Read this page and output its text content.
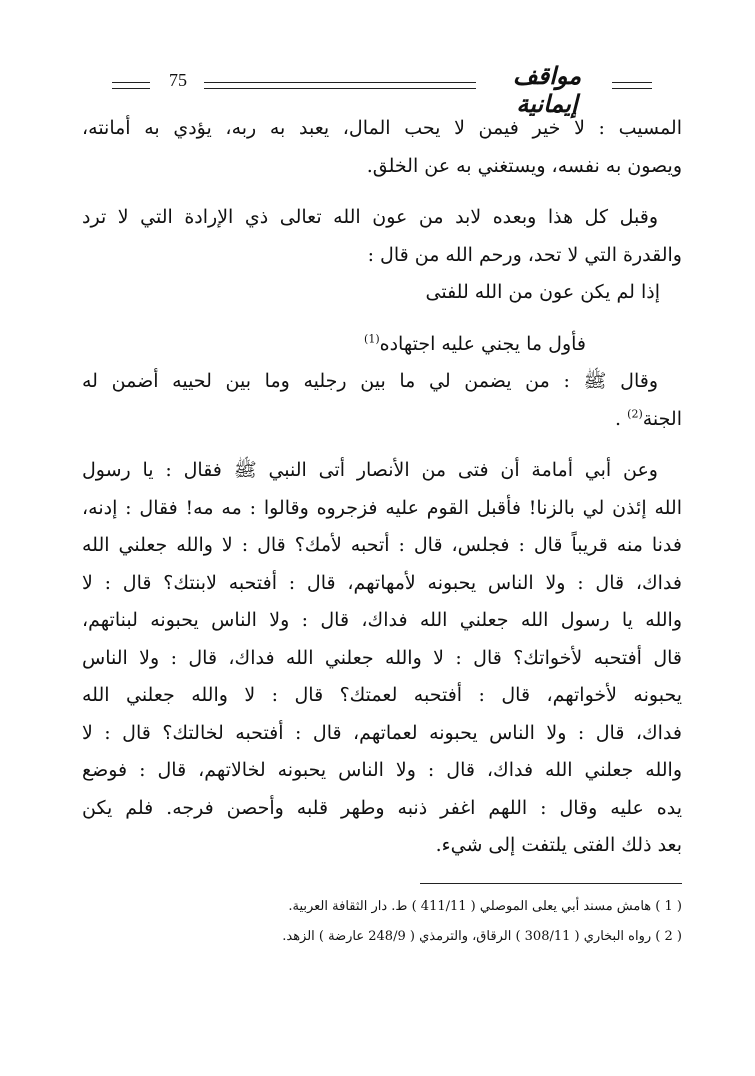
75	مواقف إيمانية
المسيب : لا خير فيمن لا يحب المال، يعبد به ربه، يؤدي به أمانته،
ويصون به نفسه، ويستغني به عن الخلق.
وقبل كل هذا وبعده لابد من عون الله تعالى ذي الإرادة التي لا ترد
والقدرة التي لا تحد، ورحم الله من قال :
إذا لم يكن عون من الله للفتى
فأول ما يجني عليه اجتهاده$^{(1)}$
وقال ﷺ : من يضمن لي ما بين رجليه وما بين لحييه أضمن له
الجنة$^{(2)}$ .
وعن أبي أمامة أن فتى من الأنصار أتى النبي ﷺ فقال : يا رسول
الله إئذن لي بالزنا! فأقبل القوم عليه فزجروه وقالوا : مه مه! فقال : إدنه،
فدنا منه قريباً قال : فجلس، قال : أتحبه لأمك؟ قال : لا والله جعلني الله
فداك، قال : ولا الناس يحبونه لأمهاتهم، قال : أفتحبه لابنتك؟ قال : لا
والله يا رسول الله جعلني الله فداك، قال : ولا الناس يحبونه لبناتهم،
قال أفتحبه لأخواتك؟ قال : لا والله جعلني الله فداك، قال : ولا الناس
يحبونه لأخواتهم، قال : أفتحبه لعمتك؟ قال : لا والله جعلني الله
فداك، قال : ولا الناس يحبونه لعماتهم، قال : أفتحبه لخالتك؟ قال : لا
والله جعلني الله فداك، قال : ولا الناس يحبونه لخالاتهم، قال : فوضع
يده عليه وقال : اللهم اغفر ذنبه وطهر قلبه وأحصن فرجه. فلم يكن
بعد ذلك الفتى يلتفت إلى شيء.
( 1 ) هامش مسند أبي يعلى الموصلي ( 411/11 ) ط. دار الثقافة العربية.
( 2 ) رواه البخاري ( 308/11 ) الرقاق، والترمذي ( 248/9 عارضة ) الزهد.
